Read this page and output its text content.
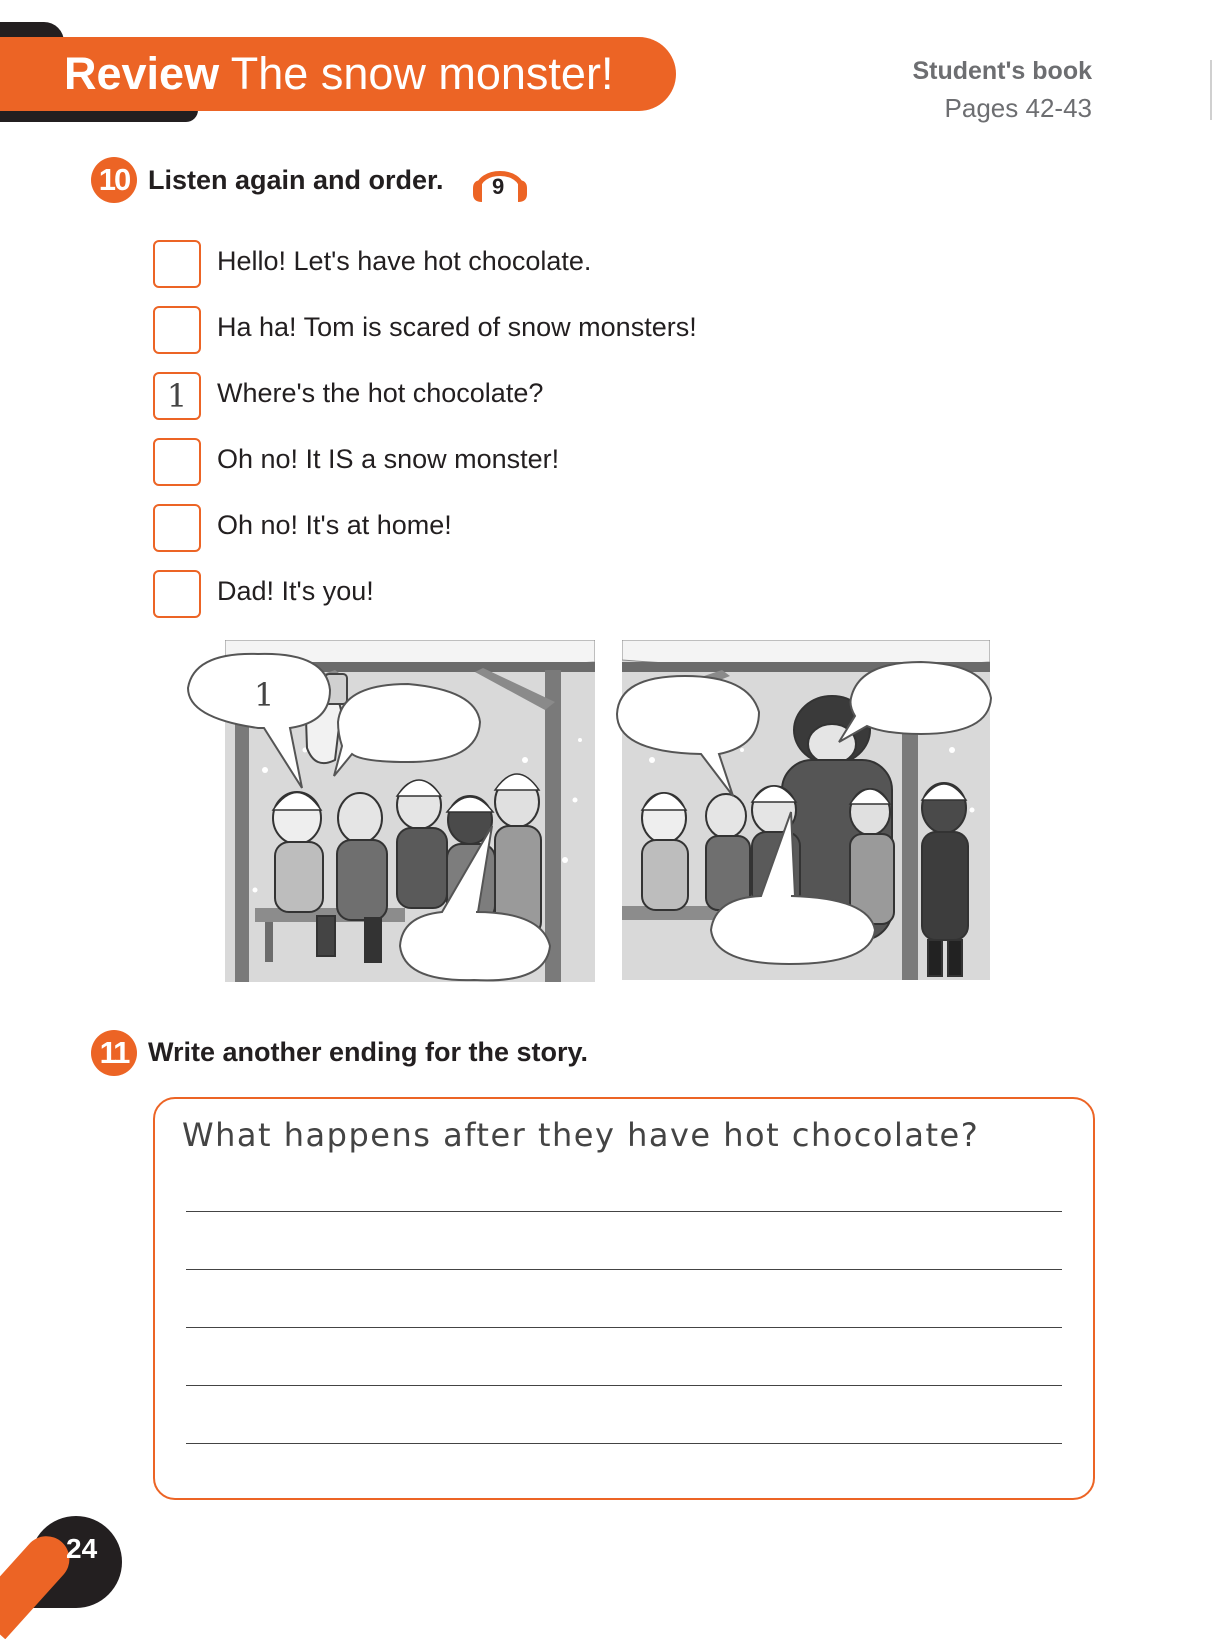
Review The snow monster!	Student's book
Pages 42-43
10 Listen again and order. 9
Hello! Let's have hot chocolate.
Ha ha! Tom is scared of snow monsters!
1	Where's the hot chocolate?
Oh no! It IS a snow monster!
Oh no! It's at home!
Dad! It's you!
1
11 Write another ending for the story.
What happens after they have hot chocolate?
24
